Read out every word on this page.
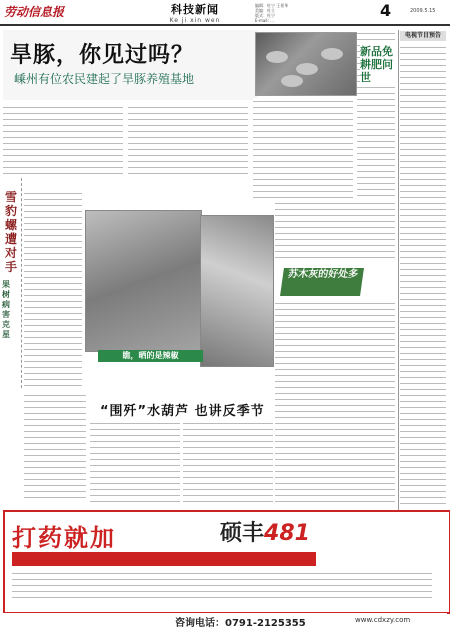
劳动信息报	科技新闻
Ke ji xin wen
编辑：杜宁 王景华
美编：杜立
版式：杜宁
E-mail: ...
4	2009.5.15
旱豚，你见过吗？
嵊州有位农民建起了旱豚养殖基地
雪豹螺遭对手
果树病害克星
瞧，晒的是辣椒
新品免耕肥问世
电视节目预告
苏木灰的好处多
“围歼”水葫芦 也讲反季节
打药就加	硕丰481
咨询电话：0791-2125355	www.cdxzy.com
